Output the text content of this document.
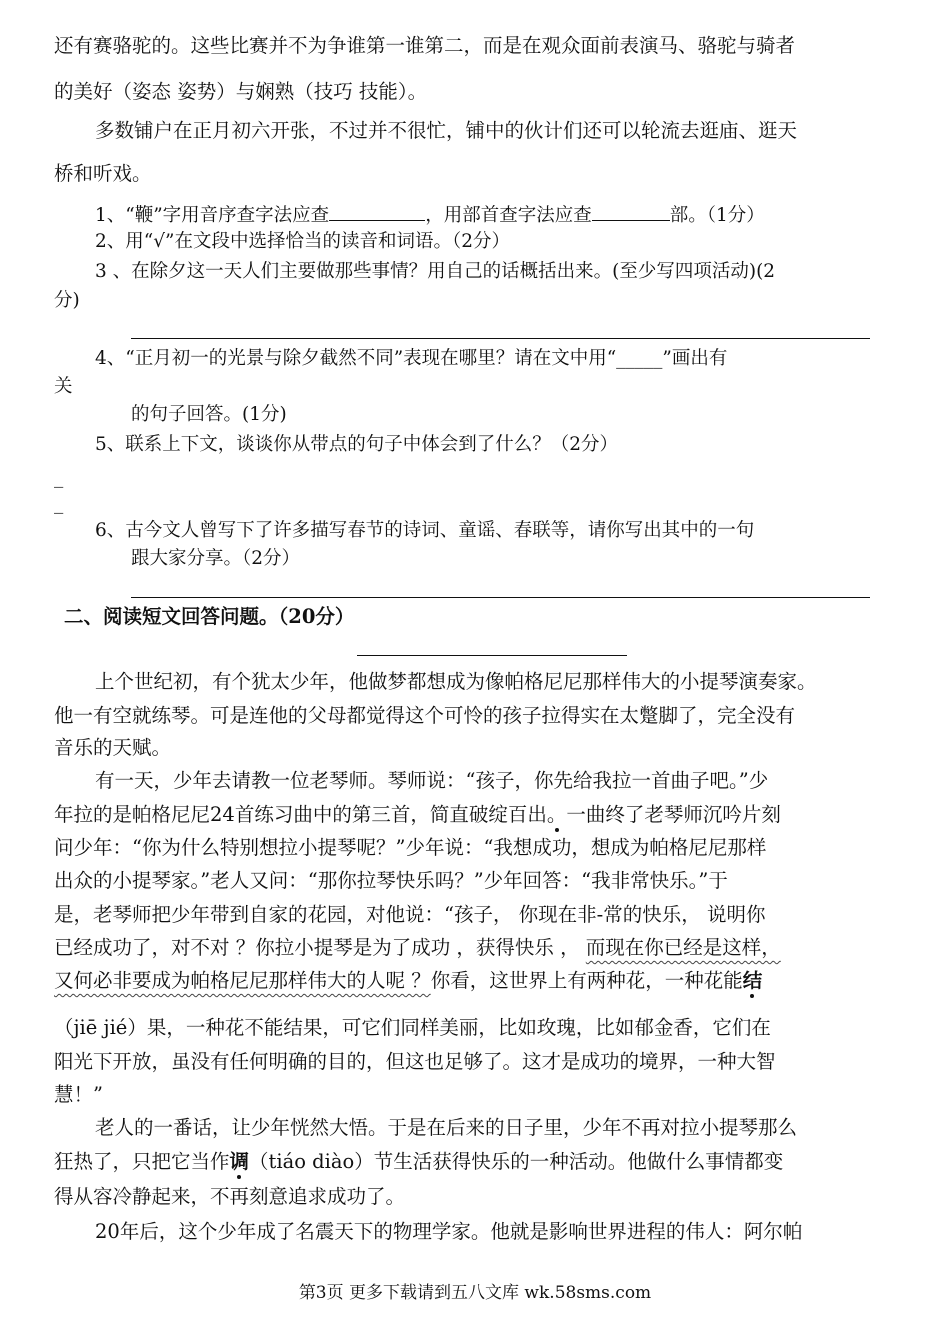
还有赛骆驼的。这些比赛并不为争谁第一谁第二，而是在观众面前表演马、骆驼与骑者
的美好（姿态 姿势）与娴熟（技巧 技能）。
多数铺户在正月初六开张，不过并不很忙，铺中的伙计们还可以轮流去逛庙、逛天
桥和听戏。
1、“鞭”字用音序查字法应查	，用部首查字法应查	部。（1分）
2、用“√”在文段中选择恰当的读音和词语。（2分）
3 、在除夕这一天人们主要做那些事情？用自己的话概括出来。(至少写四项活动)(2
分)
4、“正月初一的光景与除夕截然不同”表现在哪里？请在文中用“_____”画出有
关
的句子回答。(1分)
5、联系上下文，谈谈你从带点的句子中体会到了什么？（2分）
_
_
6、古今文人曾写下了许多描写春节的诗词、童谣、春联等，请你写出其中的一句
跟大家分享。（2分）
二、阅读短文回答问题。（20分）
上个世纪初，有个犹太少年，他做梦都想成为像帕格尼尼那样伟大的小提琴演奏家。
他一有空就练琴。可是连他的父母都觉得这个可怜的孩子拉得实在太蹩脚了，完全没有
音乐的天赋。
有一天，少年去请教一位老琴师。琴师说：“孩子，你先给我拉一首曲子吧。”少
年拉的是帕格尼尼24首练习曲中的第三首，简直破绽百出。一曲终了老琴师沉吟片刻
问少年：“你为什么特别想拉小提琴呢？”少年说：“我想成功，想成为帕格尼尼那样
出众的小提琴家。”老人又问：“那你拉琴快乐吗？”少年回答：“我非常快乐。”于
是，老琴师把少年带到自家的花园，对他说：“孩子， 你现在非-常的快乐， 说明你
已经成功了，对不对 ？你拉小提琴是为了成功 ，获得快乐 ， 而现在你已经是这样，
又何必非要成为帕格尼尼那样伟大的人呢 ？你看，这世界上有两种花，一种花能结
（jiē jié）果，一种花不能结果，可它们同样美丽，比如玫瑰，比如郁金香，它们在
阳光下开放，虽没有任何明确的目的，但这也足够了。这才是成功的境界，一种大智
慧！”
老人的一番话，让少年恍然大悟。于是在后来的日子里，少年不再对拉小提琴那么
狂热了，只把它当作调（tiáo diào）节生活获得快乐的一种活动。他做什么事情都变
得从容冷静起来，不再刻意追求成功了。
20年后，这个少年成了名震天下的物理学家。他就是影响世界进程的伟人：阿尔帕
第3页 更多下载请到五八文库 wk.58sms.com
